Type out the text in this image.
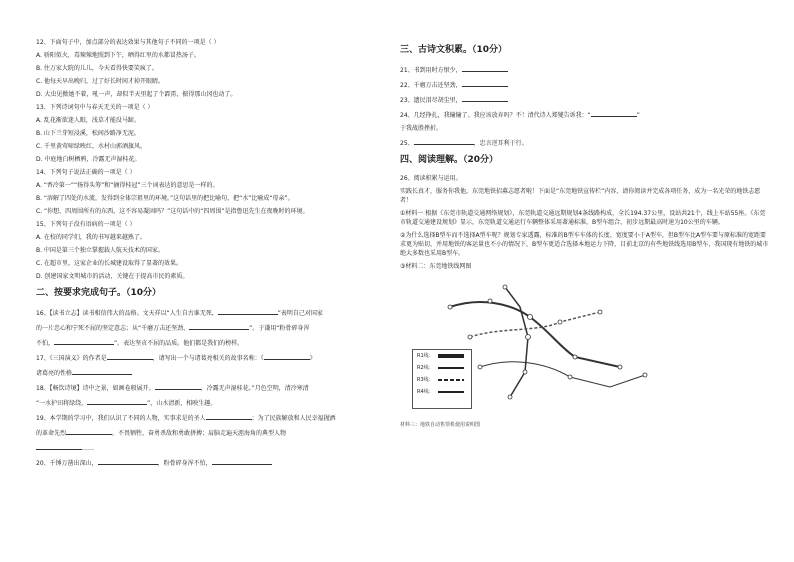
12、下面句子中，加点部分的表达效果与其他句子不同的一项是（ ）
A. 骄阳似火，毒辣辣地照到下午，晒得红里的水都冒热汤子。
B. 住万家大院的儿儿，今天看得快要笑疯了。
C. 他每天早出晚归，过了好长时间才掉开眼睛。
D. 大虫见掀她不着，吼一声，却似半天里起了个霹雳，振得那山冈也动了。
13、下列诗词句中与春天无关的一项是（ ）
A. 乱花渐欲迷人眼，浅草才能没马蹄。
B. 山下兰芽短浸溪，松间沙路净无泥。
C. 千里黄莺啼绿映红，水村山郭酒旗风。
D. 中庭地白树栖鸦，冷露无声湿桂花。
14、下列句子说法正确的一项是（ ）
A. “香冷第一”“扬得头筹”和“摘得桂冠”三个词表达的意思是一样的。
B. “溶解了四处的水流，发得到全体宗祖里的环境。”这句话里的把比喻句，把“水”比喻成“母亲”。
C. “你想，四周围所有的东西，这不容易凝固吗？”这句话中的“四周围”是指鲁迅先生在夜晚时的环境。
15、下列句子没有语病的一项是（ ）
A. 在校的同学们，我的书写越来越熟了。
B. 中国是第三个独立掌握载人航天技术的国家。
C. 在超市里，这家企业的长城建设取得了显著的效果。
D. 创建国家文明城市的活动，关键在于提高市民的素质。
二、按要求完成句子。（10分）
16、【读书立志】读书相信伟大的品格。文天祥以“人生自古谁无死，	”表明自己对国家
的一片忠心和宁死不屈的坚定意志；从“千磨万击还坚劲，	”。于谦用“粉骨碎身浑
不怕，	”。表达坚贞不屈的品质。他们都是我们的榜样。
17、《三国演义》的作者是	，请写出一个与诸葛亮相关的故事名称：《	》
诸葛亮的性格
18、【畅饮诗境】诗中之景，如画卷般展开。	，冷露无声湿桂花。”月色空明，清冷寒清
“一水护田将绿绕，	”，山水清新，相映生趣。
19、本学期的学习中，我们认识了不同的人物，实事求是的圣人	；为了民族解放和人民幸福抛洒
的革命先烈	，不畏牺牲，奋勇杀敌和勇敢拼搏；肩脑走遍天涯海角的典型人物
……
20、千锤万凿出深山，	，粉骨碎身浑不怕，
三、古诗文积累。（10分）
21、书到用时方恨少，
22、千磨万击还坚劲，
23、遗民泪尽胡尘里，
24、几经挣扎，我输输了。我应该放弃吗？不！清代诗人郑燮告诉我：“	”
于我战胜挫折。
25、	，忠言逆耳利于行。
四、阅读理解。（20分）
26、阅读积累与运用。
实践长真才，服务你我他，东莞地铁招募志愿者啦！下面是“东莞地铁宣传栏”内容，请你阅读并完成各项任务，成为一名光荣的地铁志愿者！
①材料一 根据《东莞市轨道交通网络规划》，东莞轨道交通远期规划4条线路构成，全长194.37公里，设站共21个，线上车站55座。《东莞市轨道交通建设规划》显示，东莞轨道交通运行车辆整体采用著通标准，B型车组合，初步远期最高时速为10公里的车辆。
②为什么选择B型车而不选择A型车呢？规划专家透露，标准的B型车车体的长度、宽度要小于A型车，但B型车比A型车要与原标准的宽距要求更为贴切，并用地铁的客运量也不小的情况下，B型车更适合选择本地运力下降，目前北京的有些地铁线选用B型车，我国现有地铁的城市绝大多数也采用B型车。
③材料二：东莞地铁线网图
R1线：
R2线：
R3线：
R4线：
材料三：地铁自动售票机使用说明图
